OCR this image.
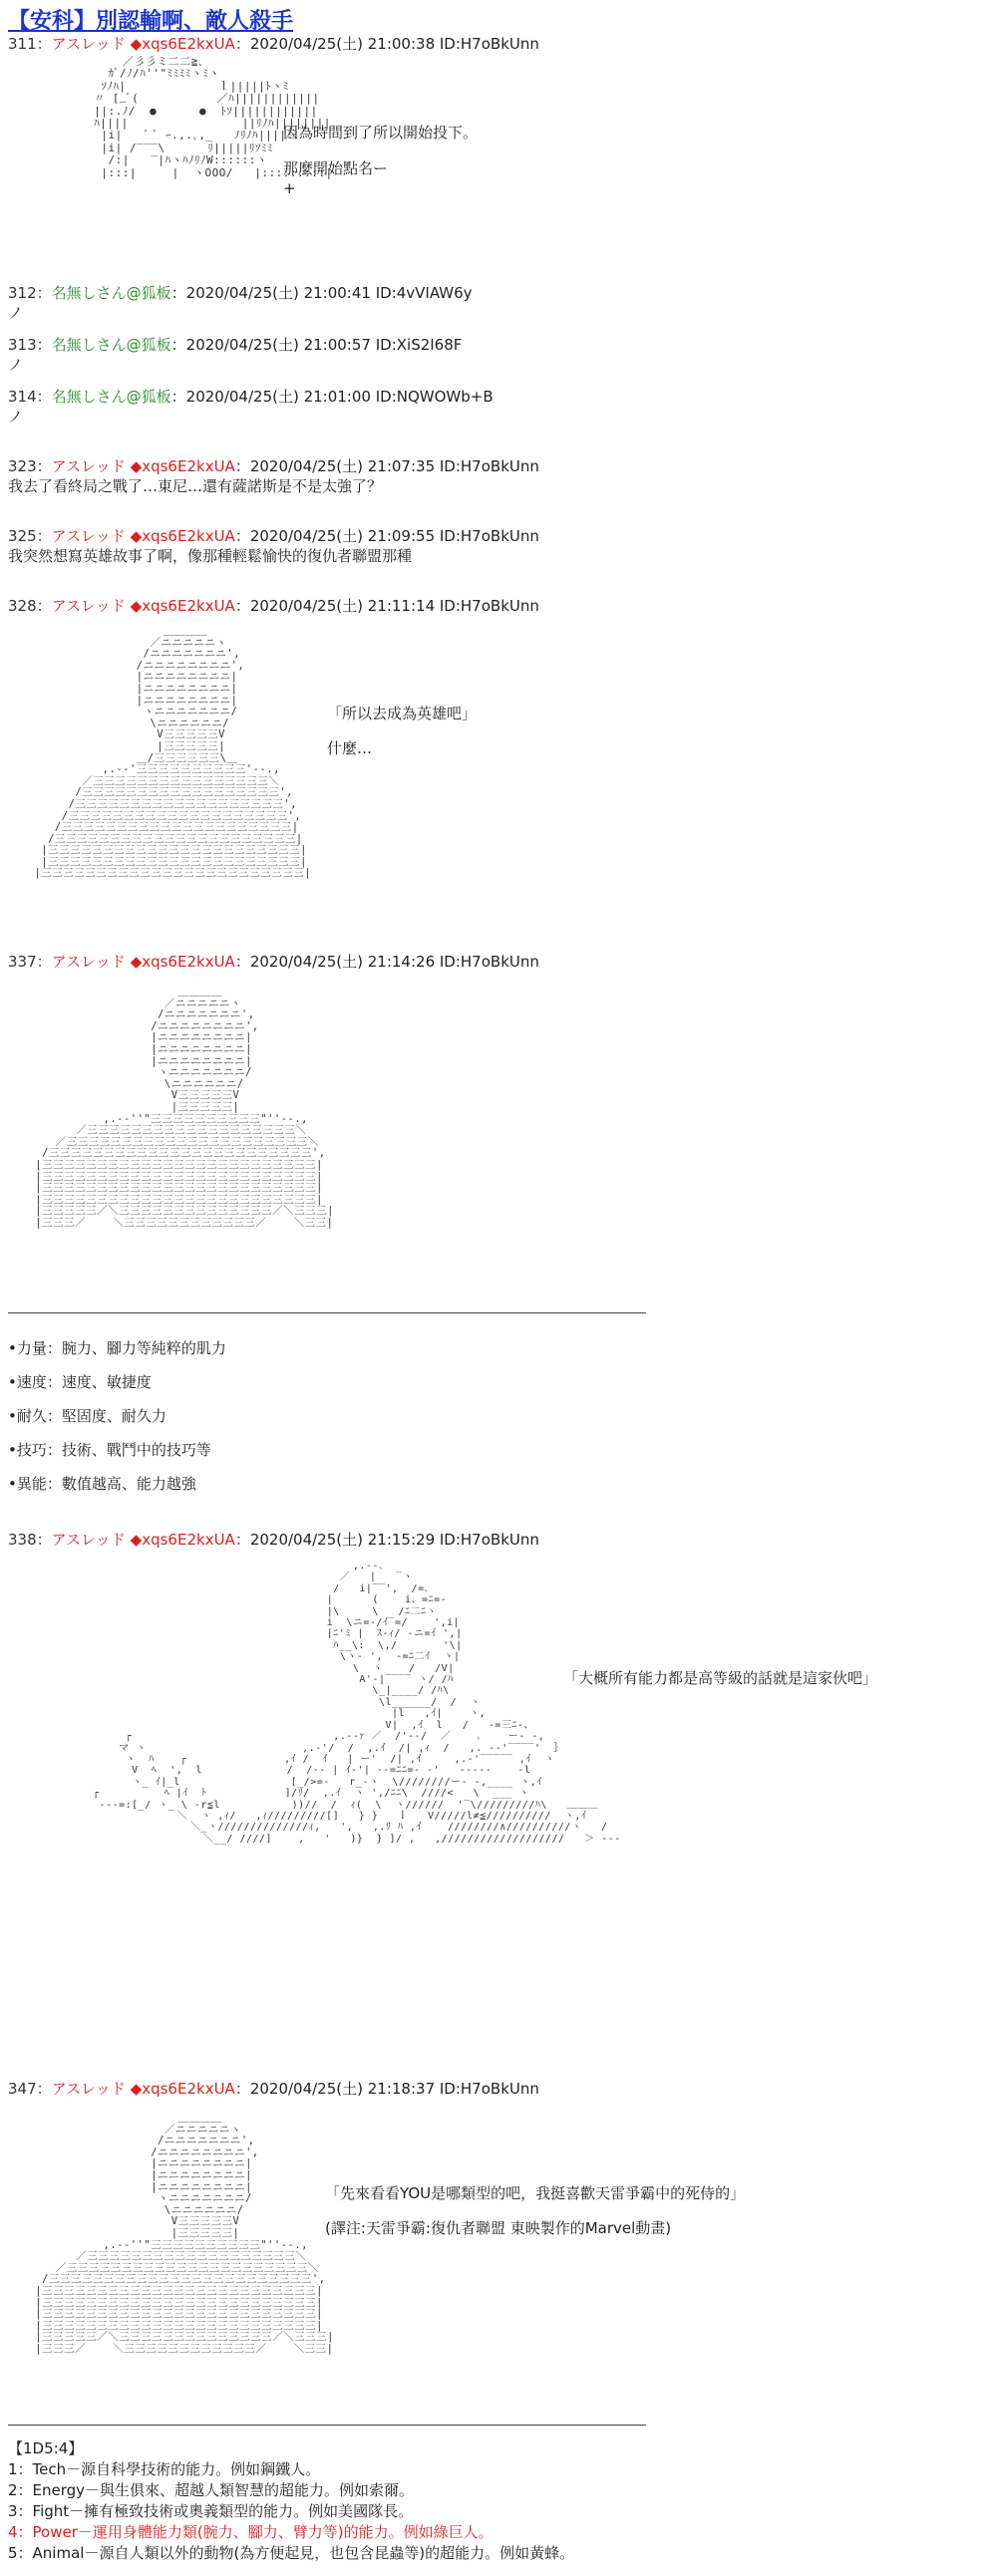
【安科】別認輸啊、敵人殺手
311：アスレッド ◆xqs6E2kxUA：2020/04/25(土) 21:00:38 ID:H7oBkUnn
／彡彡ミ二二≧､
ｶﾞ/ﾉ/ﾊ''"ﾐﾐﾐﾐヽﾐヽ
ｿﾉﾊ|             ｌ|||||ﾄヽﾐ
〃 [_ﾞ(           ／ﾊ||||||||||||
||:.ﾉ/  ●      ●  ﾄｿ||||||||||||
ﾊ||||                ||ﾘﾉﾊ||||||||
|i|   ﾞ ﾞ ｰ.,.､,_   ﾉﾘﾉﾊ||||ﾐﾐ
|i| /‾‾‾\      ﾘ|||||ﾘｿﾐﾐ
/:|   ‾|ﾊヽﾊﾉﾘﾉW::::::ヽ
|:::|     |  ヽOOO/   |:::::::::|
因為時間到了所以開始投下。
那麼開始點名ー
+
312：名無しさん@狐板：2020/04/25(土) 21:00:41 ID:4vVIAW6y
ノ
313：名無しさん@狐板：2020/04/25(土) 21:00:57 ID:XiS2I68F
ノ
314：名無しさん@狐板：2020/04/25(土) 21:01:00 ID:NQWOWb+B
ノ
323：アスレッド ◆xqs6E2kxUA：2020/04/25(土) 21:07:35 ID:H7oBkUnn
我去了看終局之戰了…東尼…還有薩諾斯是不是太強了？
325：アスレッド ◆xqs6E2kxUA：2020/04/25(土) 21:09:55 ID:H7oBkUnn
我突然想寫英雄故事了啊，像那種輕鬆愉快的復仇者聯盟那種
328：アスレッド ◆xqs6E2kxUA：2020/04/25(土) 21:11:14 ID:H7oBkUnn
＿＿＿＿
／ニニニニニヽ
/ニニニニニニニ',
/ニニニニニニニニ',
|ニニニニニニニニ|
|ニニニニニニニニ|
|ニニニニニニニニ|
ヽニニニニニニニ/
\ニニニニニニ/
V三三三三三V
|三三三三三|
＿/三三三三三三\＿
,.-‐'三三三三三三三三三三'‐-.,
／三三三三三三三三三三三三三三三三＼
/三三三三三三三三三三三三三三三三三三',
/三三三三三三三三三三三三三三三三三三三',
/三三三三三三三三三三三三三三三三三三三三',
/三三三三三三三三三三三三三三三三三三三三三|
/三三三三三三三三三三三三三三三三三三三三三三|
|三三三三三三三三三三三三三三三三三三三三三三三|
|三三三三三三三三三三三三三三三三三三三三三三三|
|三三三三三三三三三三三三三三三三三三三三三三三三|
「所以去成為英雄吧」
什麼…
337：アスレッド ◆xqs6E2kxUA：2020/04/25(土) 21:14:26 ID:H7oBkUnn
＿＿＿＿
／ニニニニニヽ
/ニニニニニニニ',
/ニニニニニニニニ',
|ニニニニニニニニ|
|ニニニニニニニニ|
|ニニニニニニニニ|
ヽニニニニニニニ/
\ニニニニニニ/
V三三三三三V
|三三三三三|
,.-‐''"三三三三三三三三三三"''‐-.,
／三三三三三三三三三三三三三三三三三三三＼
／三三三三三三三三三三三三三三三三三三三三三三＼
/三三三三三三三三三三三三三三三三三三三三三三三三',
|三三三三三三三三三三三三三三三三三三三三三三三三三|
|三三三三三三三三三三三三三三三三三三三三三三三三三|
|三三三三三三三三三三三三三三三三三三三三三三三三三|
|三三三三三三三三三三三三三三三三三三三三三三三三三|
|三三三三三／＼三三三三三三三三三三三三三三／＼三三三|
|三三三／    ＼三三三三三三三三三三三三／    ＼三三|
•力量：腕力、腳力等純粹的肌力
•速度：速度、敏捷度
•耐久：堅固度、耐久力
•技巧：技術、戰鬥中的技巧等
•異能：數值越高、能力越強
338：アスレッド ◆xqs6E2kxUA：2020/04/25(土) 21:15:29 ID:H7oBkUnn
,.--､
／   |   ‾ヽ
/   i|‾‾',  /=､
|      (    i、=ﾆ=-
|\     \   /ﾆ二ﾆヽ
i  \ニ=-/ｲ‾=/    ',i|
|ﾆ'ﾐ |  ｽ‐ｨ/ ‐ニ=ｲ ',|
ﾊ__\:  \,/       '\|
\ヽ- ',  ‐=ﾆ二ｲ  ヽ|
\  ヽ    /   /V|
A'‐|‾‾‾‾ ヽ/ /ﾊ
\_|____/ /ﾊ\
\l______/  /  ヽ
|l   ,ｲ|    ヽ,
V|  ,ｲ  l   /   ‐=三ﾆ-、
┌                               ,.-‐ｧ ／  /'‐‐/  ／    ､    ー‐ -,
マ ヽ                        ,.-'/  /  ,.ｲ  /| ,ｨ  /   ,. -‐'‾‾‾‾'  ｝
ヽ  ﾊ    ┌               ,ｲ /  ｲ   | ー'  /| ,ｲ     ,.‐'‾‾‾‾‾ ,ｲ  ヽ
V  ﾍ  ',  l             /  /‐‐ | ｲ‐'| -‐=ﾆﾆ=‐ ‐'   ‐‐‐‐‐    ‐l
ヽ_ ｲ|_l                 [_/>=‐   r_‐ヽ  \////////ー‐ ‐,____ ヽ,ｲ
┌          ﾍ |ｲ  ﾄ            ]/ﾘ/  ,.ｲ  ヽ ',/ﾆﾆ\  ////<   \  ___ ヽ
‐--=:[_/ ヽ_ \ ‐r≦l           ))//  /  ｨ(  \  ヽ//////  '‾\/////////ﾊ\   ＿＿＿
＼  ヽ ,ｨ/   ,ｨ/////////[]   } }   ｌ   V/////l≠≦//////////  ヽ,ｲ
＼_ヽ//////////////ｨ,   ',   ,.ﾘ ﾊ ,ｲ    ////////∧//////////ヽ   /
＼__/ ////]    ,   '   )}  } ]/ ,   ,///////////////////   ＞ ‐‐‐
「大概所有能力都是高等級的話就是這家伙吧」
347：アスレッド ◆xqs6E2kxUA：2020/04/25(土) 21:18:37 ID:H7oBkUnn
＿＿＿＿
／ニニニニニヽ
/ニニニニニニニ',
/ニニニニニニニニ',
|ニニニニニニニニ|
|ニニニニニニニニ|
|ニニニニニニニニ|
ヽニニニニニニニ/
\ニニニニニニ/
V三三三三三V
|三三三三三|
,.-‐''"三三三三三三三三三三"''‐-.,
／三三三三三三三三三三三三三三三三三三三＼
／三三三三三三三三三三三三三三三三三三三三三三＼
/三三三三三三三三三三三三三三三三三三三三三三三三',
|三三三三三三三三三三三三三三三三三三三三三三三三三|
|三三三三三三三三三三三三三三三三三三三三三三三三三|
|三三三三三三三三三三三三三三三三三三三三三三三三三|
|三三三三三三三三三三三三三三三三三三三三三三三三三|
|三三三三三／＼三三三三三三三三三三三三三三／＼三三三|
|三三三／    ＼三三三三三三三三三三三三／    ＼三三|
「先來看看YOU是哪類型的吧，我挺喜歡天雷爭霸中的死侍的」
(譯注:天雷爭霸:復仇者聯盟 東映製作的Marvel動畫)
【1D5:4】
1：Tech－源自科學技術的能力。例如鋼鐵人。
2：Energy－與生俱來、超越人類智慧的超能力。例如索爾。
3：Fight－擁有極致技術或奧義類型的能力。例如美國隊長。
4：Power－運用身體能力類(腕力、腳力、臂力等)的能力。例如綠巨人。
5：Animal－源自人類以外的動物(為方便起見，也包含昆蟲等)的超能力。例如黃蜂。
